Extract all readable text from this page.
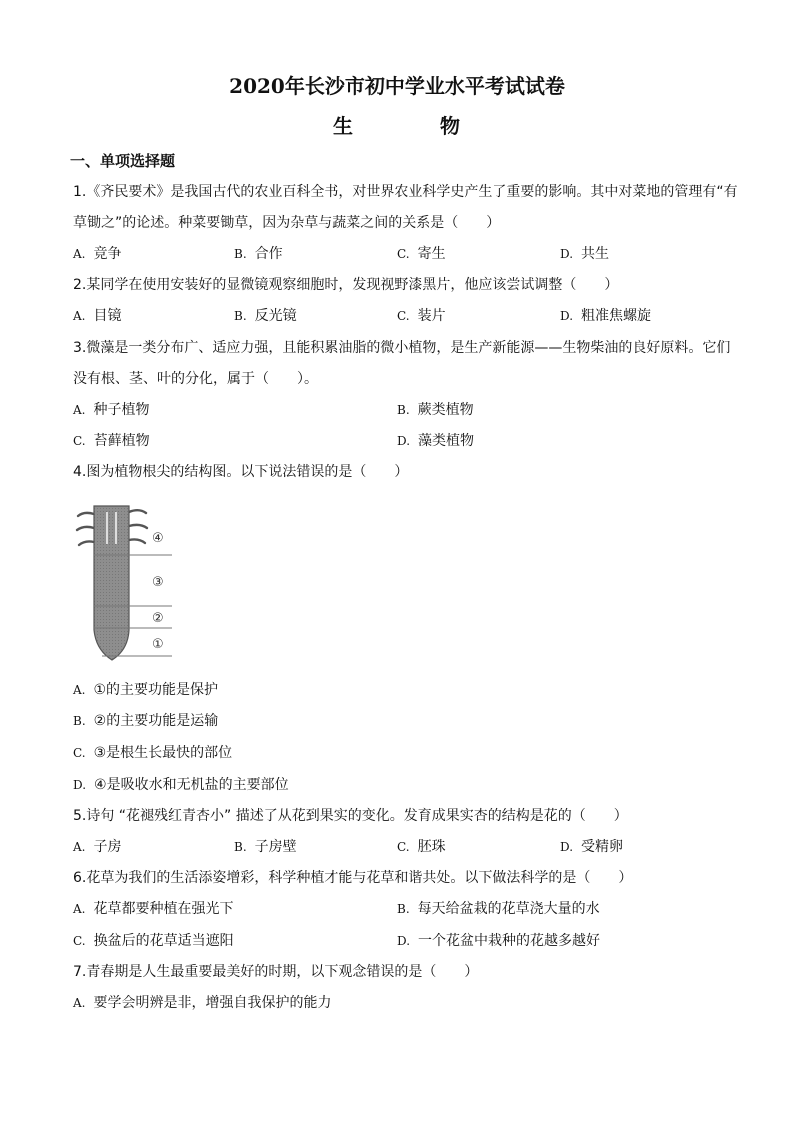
2020年长沙市初中学业水平考试试卷
生	物
一、单项选择题
1.《齐民要术》是我国古代的农业百科全书，对世界农业科学史产生了重要的影响。其中对菜地的管理有“有
草锄之”的论述。种菜要锄草，因为杂草与蔬菜之间的关系是（　　）
A. 竞争	B. 合作	C. 寄生	D. 共生
2.某同学在使用安装好的显微镜观察细胞时，发现视野漆黑片，他应该尝试调整（　　）
A. 目镜	B. 反光镜	C. 装片	D. 粗准焦螺旋
3.微藻是一类分布广、适应力强，且能积累油脂的微小植物，是生产新能源——生物柴油的良好原料。它们
没有根、茎、叶的分化，属于（　　）。
A. 种子植物	B. 蕨类植物
C. 苔藓植物	D. 藻类植物
4.图为植物根尖的结构图。以下说法错误的是（　　）
④
③
②
①
A. ①的主要功能是保护
B. ②的主要功能是运输
C. ③是根生长最快的部位
D. ④是吸收水和无机盐的主要部位
5.诗句 “花褪残红青杏小” 描述了从花到果实的变化。发育成果实杏的结构是花的（　　）
A. 子房	B. 子房壁	C. 胚珠	D. 受精卵
6.花草为我们的生活添姿增彩，科学种植才能与花草和谐共处。以下做法科学的是（　　）
A. 花草都要种植在强光下	B. 每天给盆栽的花草浇大量的水
C. 换盆后的花草适当遮阳	D. 一个花盆中栽种的花越多越好
7.青春期是人生最重要最美好的时期，以下观念错误的是（　　）
A. 要学会明辨是非，增强自我保护的能力
